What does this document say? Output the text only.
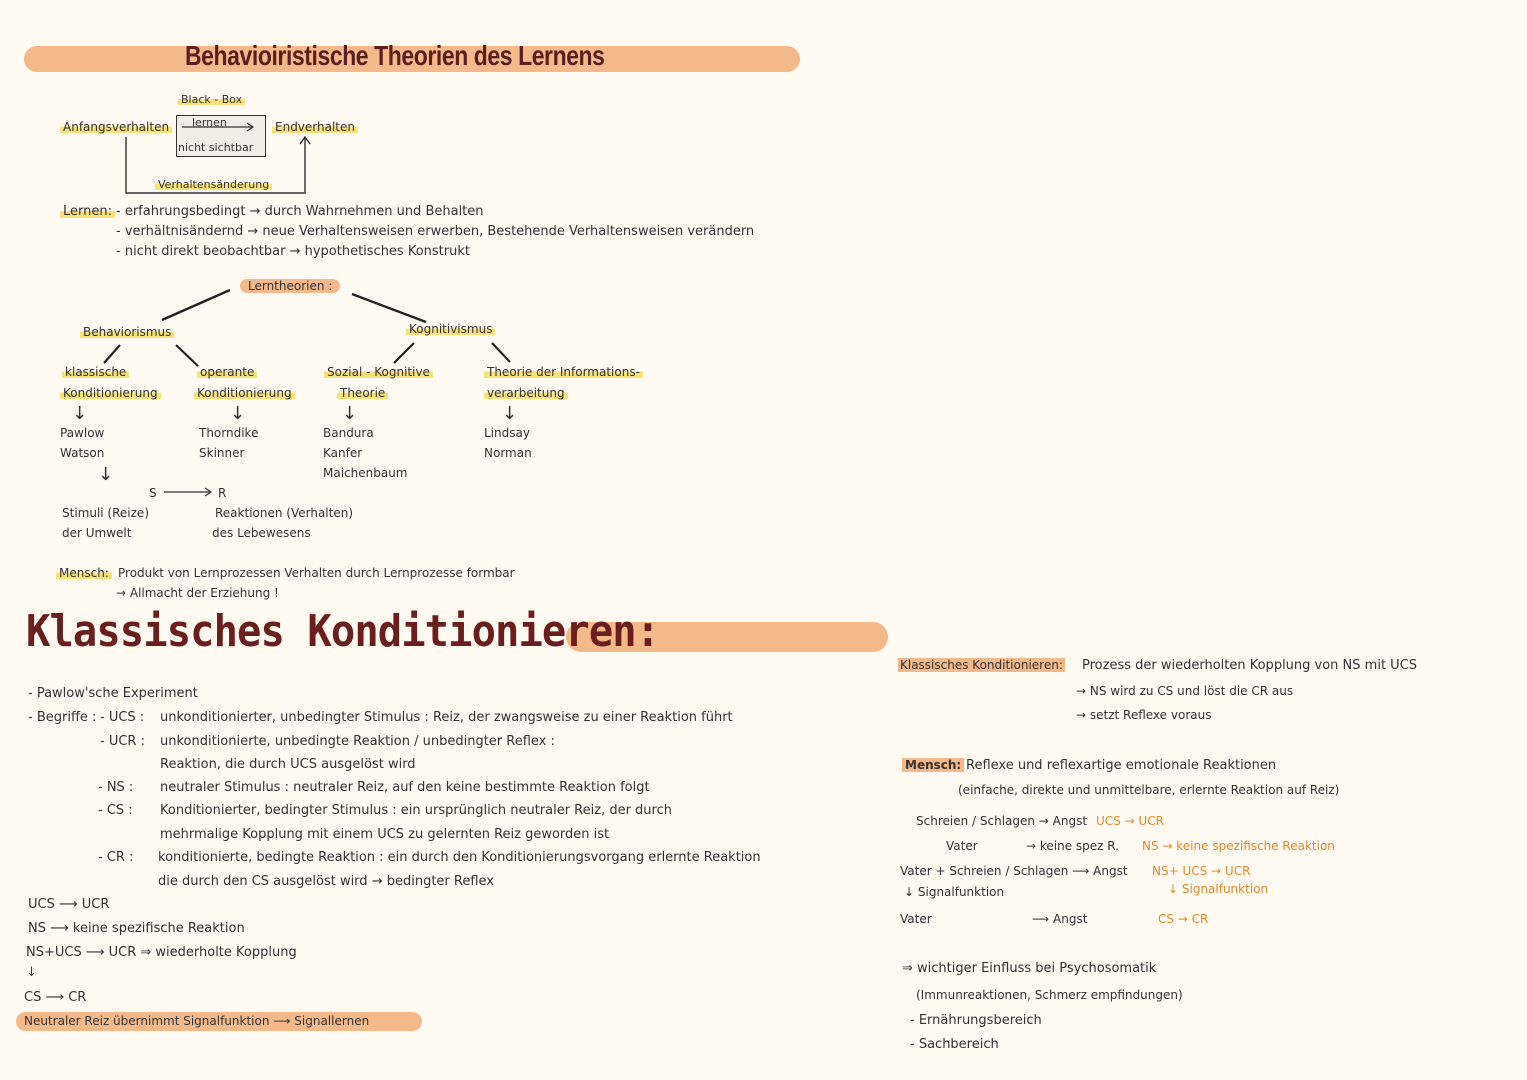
Behavioiristische Theorien des Lernens
Black - Box
lernen
nicht sichtbar
Anfangsverhalten	Endverhalten
Verhaltensänderung
↓	↓	↓	↓
↓
Lernen: - erfahrungsbedingt → durch Wahrnehmen und Behalten
- verhältnisändernd → neue Verhaltensweisen erwerben, Bestehende Verhaltensweisen verändern
- nicht direkt beobachtbar → hypothetisches Konstrukt
Lerntheorien :
Behaviorismus	Kognitivismus
klassische
Konditionierung
operante
Konditionierung
Sozial - Kognitive
Theorie
Theorie der Informations-
verarbeitung
Pawlow
Watson
Thorndike
Skinner
Bandura
Kanfer
Maichenbaum
Lindsay
Norman
S	R
Stimuli (Reize)
der Umwelt
Reaktionen (Verhalten)
des Lebewesens
Mensch: Produkt von Lernprozessen Verhalten durch Lernprozesse formbar
→ Allmacht der Erziehung !
Klassisches Konditionieren:
- Pawlow'sche Experiment
- Begriffe : - UCS : unkonditionierter, unbedingter Stimulus : Reiz, der zwangsweise zu einer Reaktion führt
- UCR : unkonditionierte, unbedingte Reaktion / unbedingter Reflex :
Reaktion, die durch UCS ausgelöst wird
- NS : neutraler Stimulus : neutraler Reiz, auf den keine bestimmte Reaktion folgt
- CS : Konditionierter, bedingter Stimulus : ein ursprünglich neutraler Reiz, der durch
mehrmalige Kopplung mit einem UCS zu gelernten Reiz geworden ist
- CR : konditionierte, bedingte Reaktion : ein durch den Konditionierungsvorgang erlernte Reaktion
die durch den CS ausgelöst wird → bedingter Reflex
UCS ⟶ UCR
NS ⟶ keine spezifische Reaktion
NS+UCS ⟶ UCR ⇒ wiederholte Kopplung
↓
CS ⟶ CR
Neutraler Reiz übernimmt Signalfunktion ⟶ Signallernen
Klassisches Konditionieren: Prozess der wiederholten Kopplung von NS mit UCS
→ NS wird zu CS und löst die CR aus
→ setzt Reflexe voraus
Mensch: Reflexe und reflexartige emotionale Reaktionen
(einfache, direkte und unmittelbare, erlernte Reaktion auf Reiz)
Schreien / Schlagen → Angst UCS → UCR
Vater	→ keine spez R. NS → keine spezifische Reaktion
Vater + Schreien / Schlagen ⟶ Angst NS+ UCS → UCR
↓ Signalfunktion	↓ Signalfunktion
Vater	⟶ Angst	CS → CR
⇒ wichtiger Einfluss bei Psychosomatik
(Immunreaktionen, Schmerz empfindungen)
- Ernährungsbereich
- Sachbereich
